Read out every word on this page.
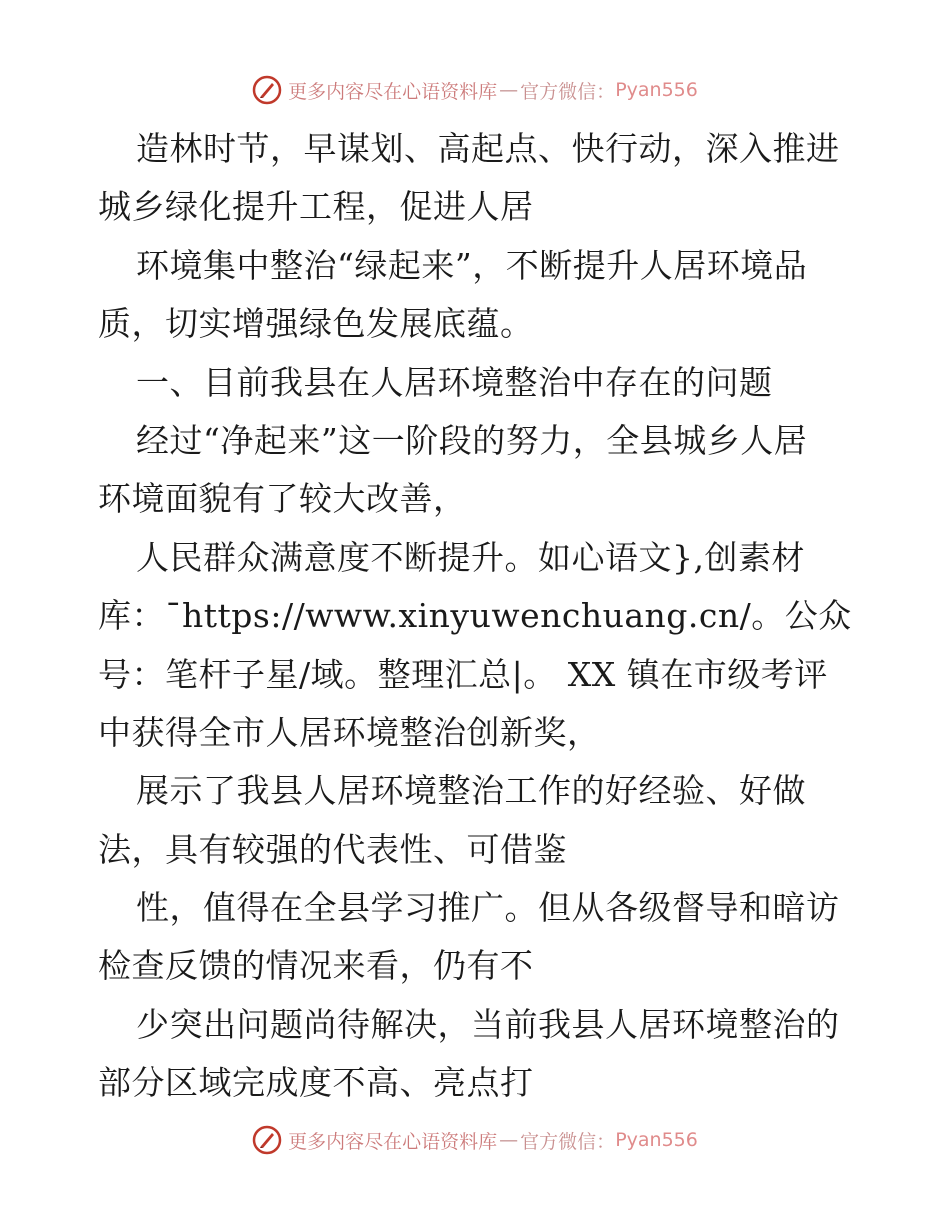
更多内容尽在心语资料库 — 官方微信： Pyan556
造林时节，早谋划、高起点、快行动，深入推进
城乡绿化提升工程，促进人居
环境集中整治“绿起来”，不断提升人居环境品
质，切实增强绿色发展底蕴。
一、目前我县在人居环境整治中存在的问题
经过“净起来”这一阶段的努力，全县城乡人居
环境面貌有了较大改善，
人民群众满意度不断提升。如心语文},创素材
库：¯https://www.xinyuwenchuang.cn/。公众
号：笔杆子星/域。整理汇总|。 XX 镇在市级考评
中获得全市人居环境整治创新奖，
展示了我县人居环境整治工作的好经验、好做
法，具有较强的代表性、可借鉴
性，值得在全县学习推广。但从各级督导和暗访
检查反馈的情况来看，仍有不
少突出问题尚待解决，当前我县人居环境整治的
部分区域完成度不高、亮点打
更多内容尽在心语资料库 — 官方微信： Pyan556
